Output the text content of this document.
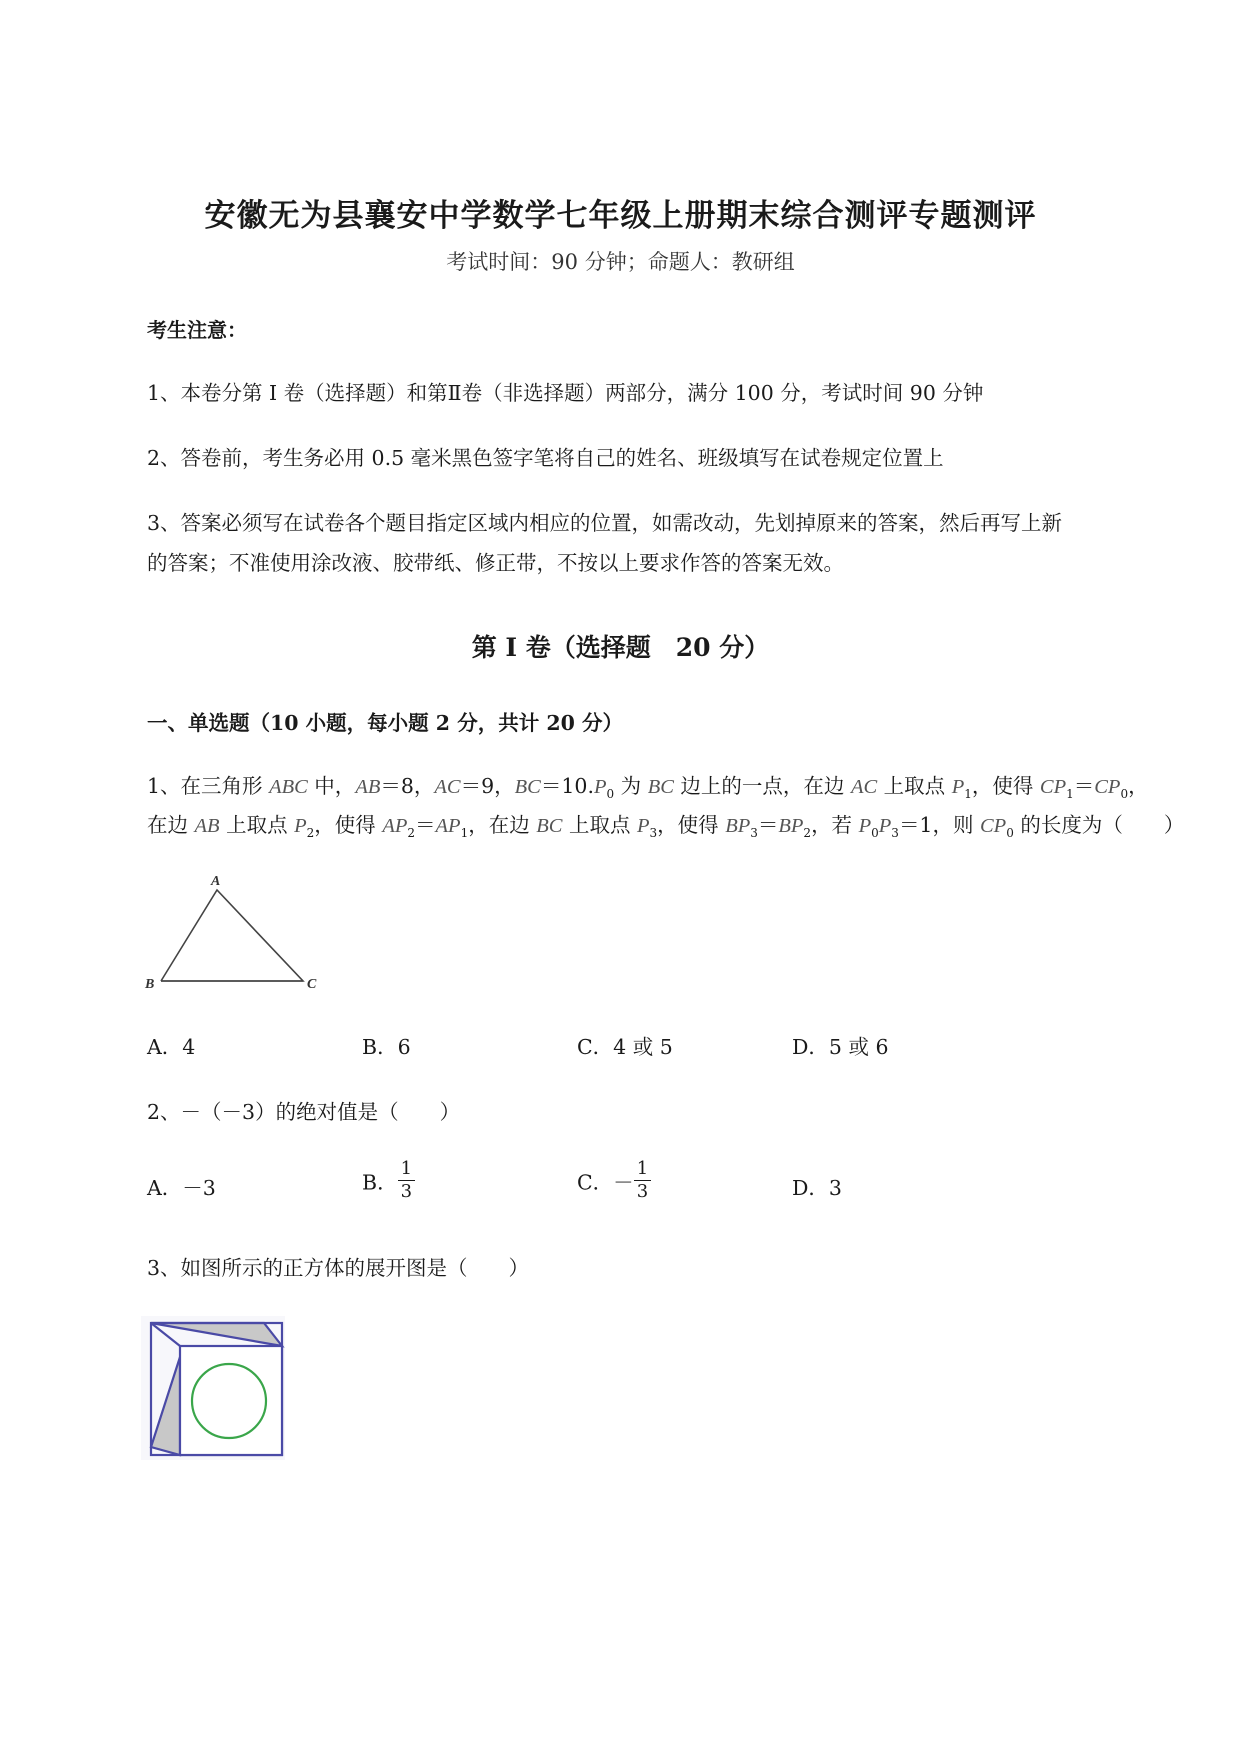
安徽无为县襄安中学数学七年级上册期末综合测评专题测评
考试时间：90 分钟；命题人：教研组
考生注意：
1、本卷分第 I 卷（选择题）和第Ⅱ卷（非选择题）两部分，满分 100 分，考试时间 90 分钟
2、答卷前，考生务必用 0.5 毫米黑色签字笔将自己的姓名、班级填写在试卷规定位置上
3、答案必须写在试卷各个题目指定区域内相应的位置，如需改动，先划掉原来的答案，然后再写上新
的答案；不准使用涂改液、胶带纸、修正带，不按以上要求作答的答案无效。
第 I 卷（选择题　20 分）
一、单选题（10 小题，每小题 2 分，共计 20 分）
1、在三角形 ABC 中，AB＝8，AC＝9，$BC=10.P_0$ 为 BC 边上的一点，在边 AC 上取点 $P_1$，使得 $CP_1=CP_0$，
在边 AB 上取点 $P_2$，使得 $AP_2=AP_1$，在边 BC 上取点 $P_3$，使得 $BP_3=BP_2$，若 $P_0P_3=1$，则 $CP_0$ 的长度为（　　）
A
B	C
A．4	B．6	C．4 或 5	D．5 或 6
2、－（－3）的绝对值是（　　）
A．－3	B． $\frac{1}{3}$	C．－ $\frac{1}{3}$	D．3
3、如图所示的正方体的展开图是（　　）
